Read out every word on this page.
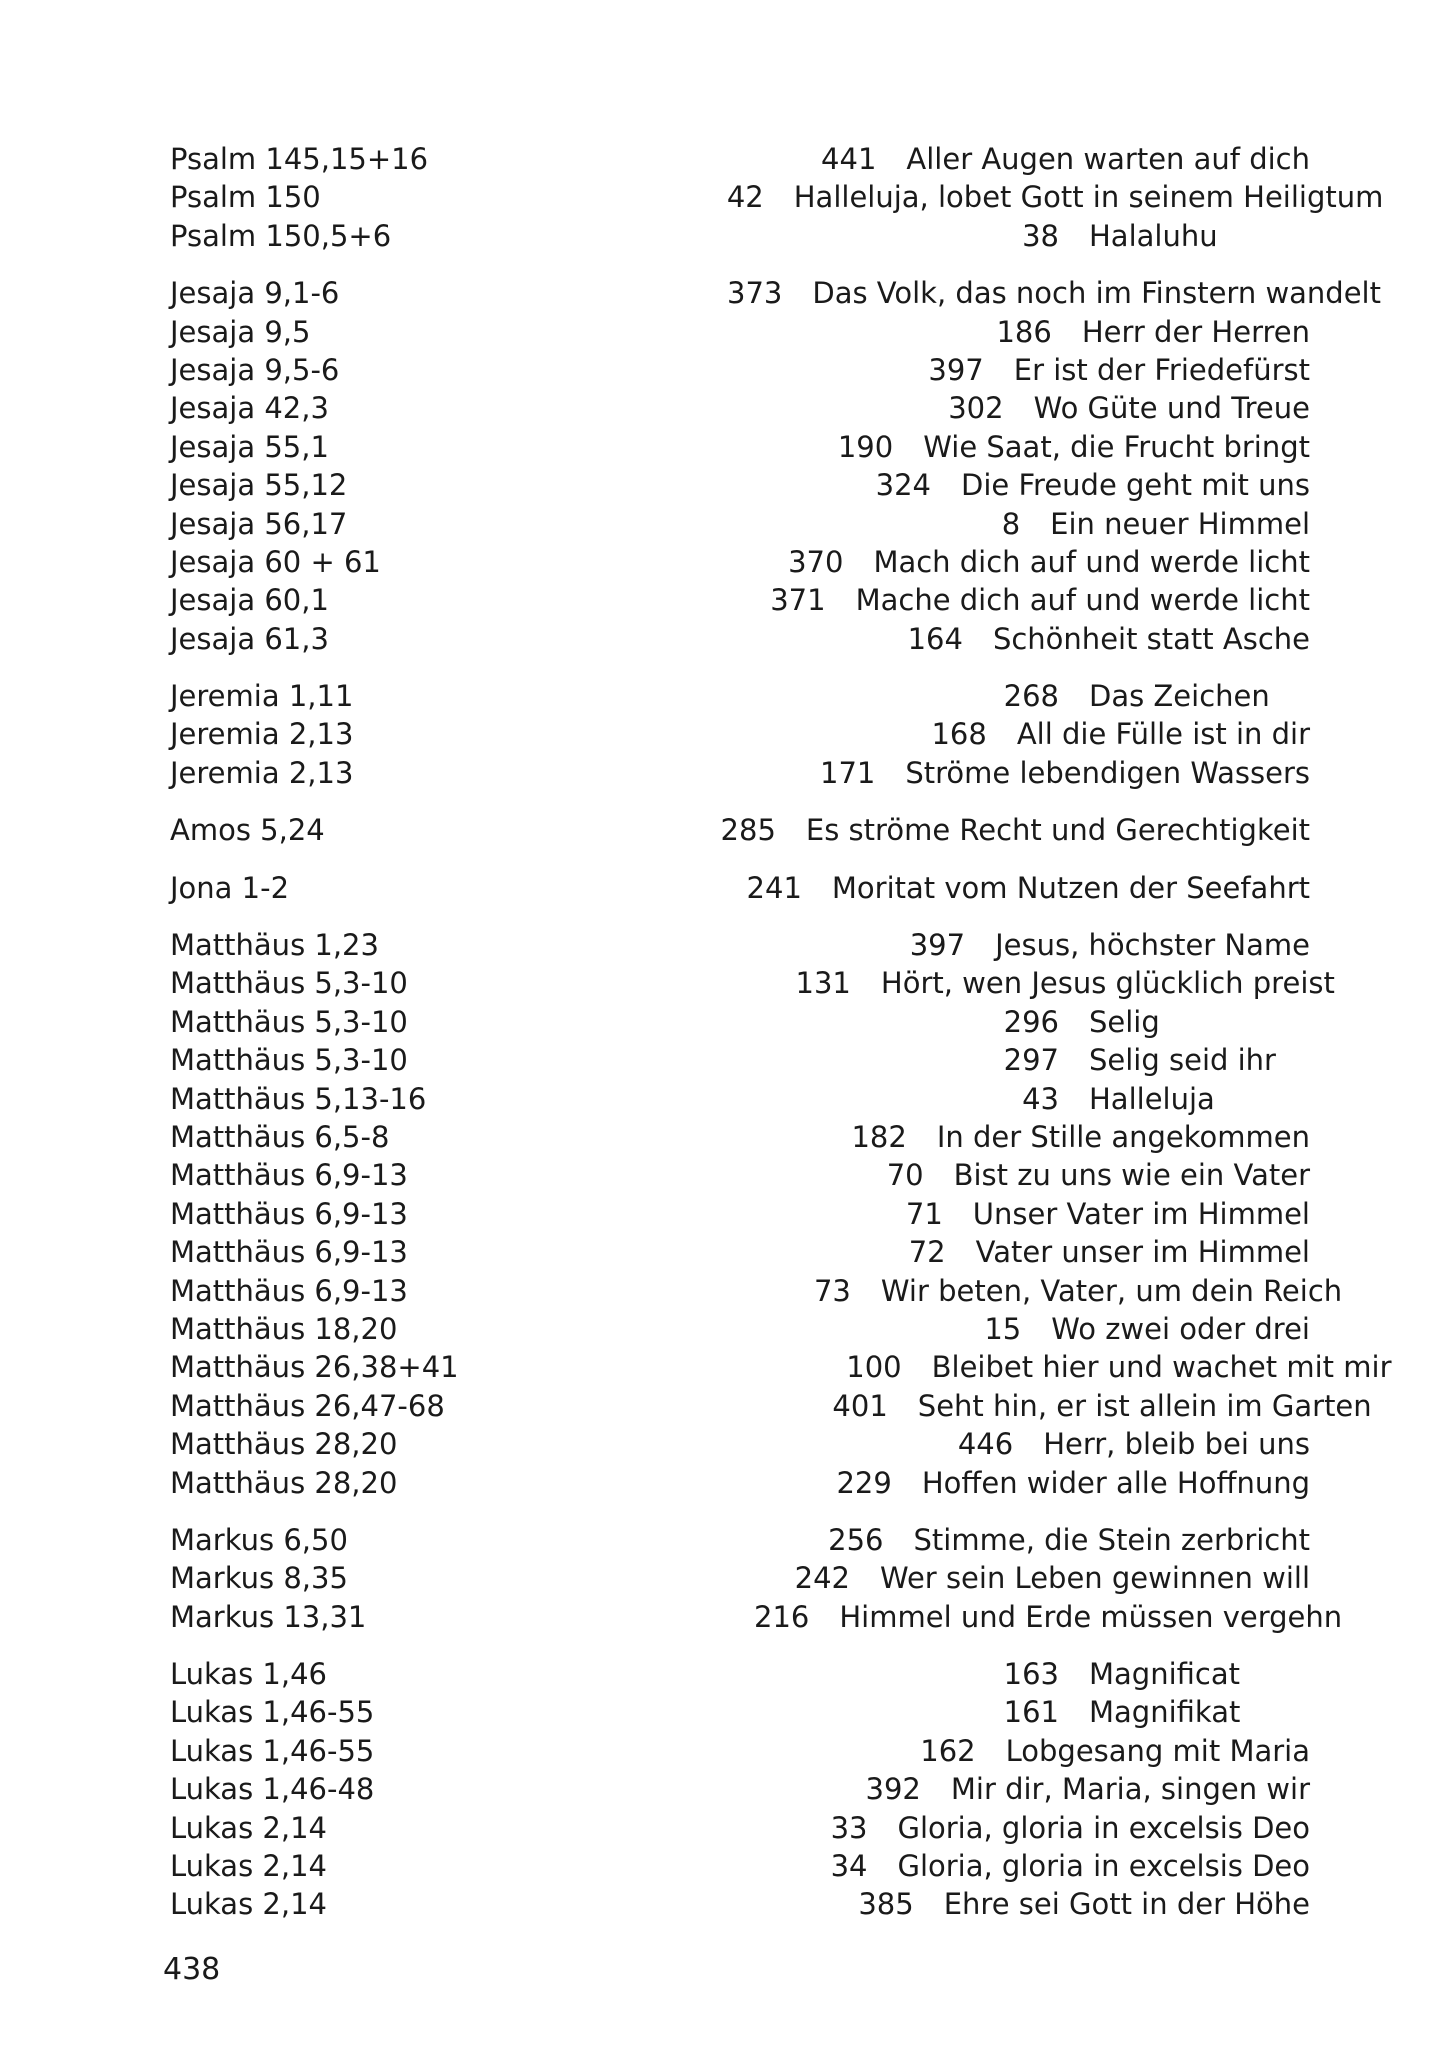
Psalm 145,15+16	441	Aller Augen warten auf dich
Psalm 150	42	Halleluja, lobet Gott in seinem Heiligtum
Psalm 150,5+6	38	Halaluhu
Jesaja 9,1-6	373	Das Volk, das noch im Finstern wandelt
Jesaja 9,5	186	Herr der Herren
Jesaja 9,5-6	397	Er ist der Friedefürst
Jesaja 42,3	302	Wo Güte und Treue
Jesaja 55,1	190	Wie Saat, die Frucht bringt
Jesaja 55,12	324	Die Freude geht mit uns
Jesaja 56,17	8	Ein neuer Himmel
Jesaja 60 + 61	370	Mach dich auf und werde licht
Jesaja 60,1	371	Mache dich auf und werde licht
Jesaja 61,3	164	Schönheit statt Asche
Jeremia 1,11	268	Das Zeichen
Jeremia 2,13	168	All die Fülle ist in dir
Jeremia 2,13	171	Ströme lebendigen Wassers
Amos 5,24	285	Es ströme Recht und Gerechtigkeit
Jona 1-2	241	Moritat vom Nutzen der Seefahrt
Matthäus 1,23	397	Jesus, höchster Name
Matthäus 5,3-10	131	Hört, wen Jesus glücklich preist
Matthäus 5,3-10	296	Selig
Matthäus 5,3-10	297	Selig seid ihr
Matthäus 5,13-16	43	Halleluja
Matthäus 6,5-8	182	In der Stille angekommen
Matthäus 6,9-13	70	Bist zu uns wie ein Vater
Matthäus 6,9-13	71	Unser Vater im Himmel
Matthäus 6,9-13	72	Vater unser im Himmel
Matthäus 6,9-13	73	Wir beten, Vater, um dein Reich
Matthäus 18,20	15	Wo zwei oder drei
Matthäus 26,38+41	100	Bleibet hier und wachet mit mir
Matthäus 26,47-68	401	Seht hin, er ist allein im Garten
Matthäus 28,20	446	Herr, bleib bei uns
Matthäus 28,20	229	Hoffen wider alle Hoffnung
Markus 6,50	256	Stimme, die Stein zerbricht
Markus 8,35	242	Wer sein Leben gewinnen will
Markus 13,31	216	Himmel und Erde müssen vergehn
Lukas 1,46	163	Magnificat
Lukas 1,46-55	161	Magnifikat
Lukas 1,46-55	162	Lobgesang mit Maria
Lukas 1,46-48	392	Mir dir, Maria, singen wir
Lukas 2,14	33	Gloria, gloria in excelsis Deo
Lukas 2,14	34	Gloria, gloria in excelsis Deo
Lukas 2,14	385	Ehre sei Gott in der Höhe
438
